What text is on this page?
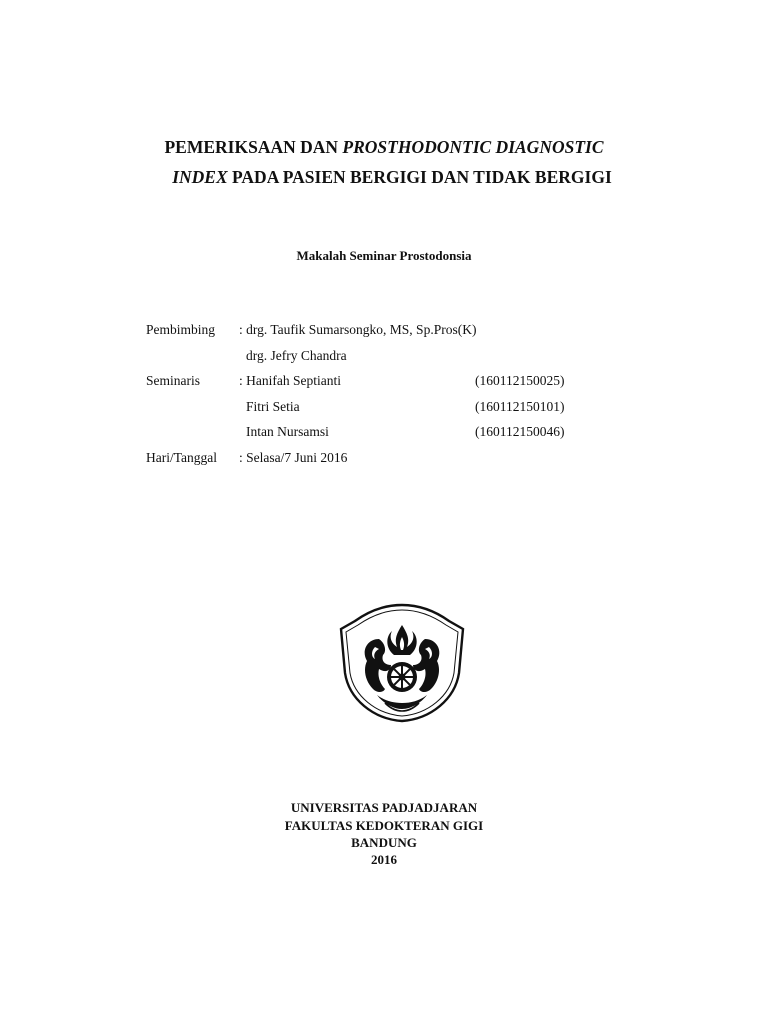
PEMERIKSAAN DAN PROSTHODONTIC DIAGNOSTIC
INDEX PADA PASIEN BERGIGI DAN TIDAK BERGIGI
Makalah Seminar Prostodonsia
Pembimbing : drg. Taufik Sumarsongko, MS, Sp.Pros(K)
drg. Jefry Chandra
Seminaris	: Hanifah Septianti	(160112150025)
Fitri Setia	(160112150101)
Intan Nursamsi	(160112150046)
Hari/Tanggal : Selasa/7 Juni 2016
UNIVERSITAS PADJADJARAN
FAKULTAS KEDOKTERAN GIGI
BANDUNG
2016
